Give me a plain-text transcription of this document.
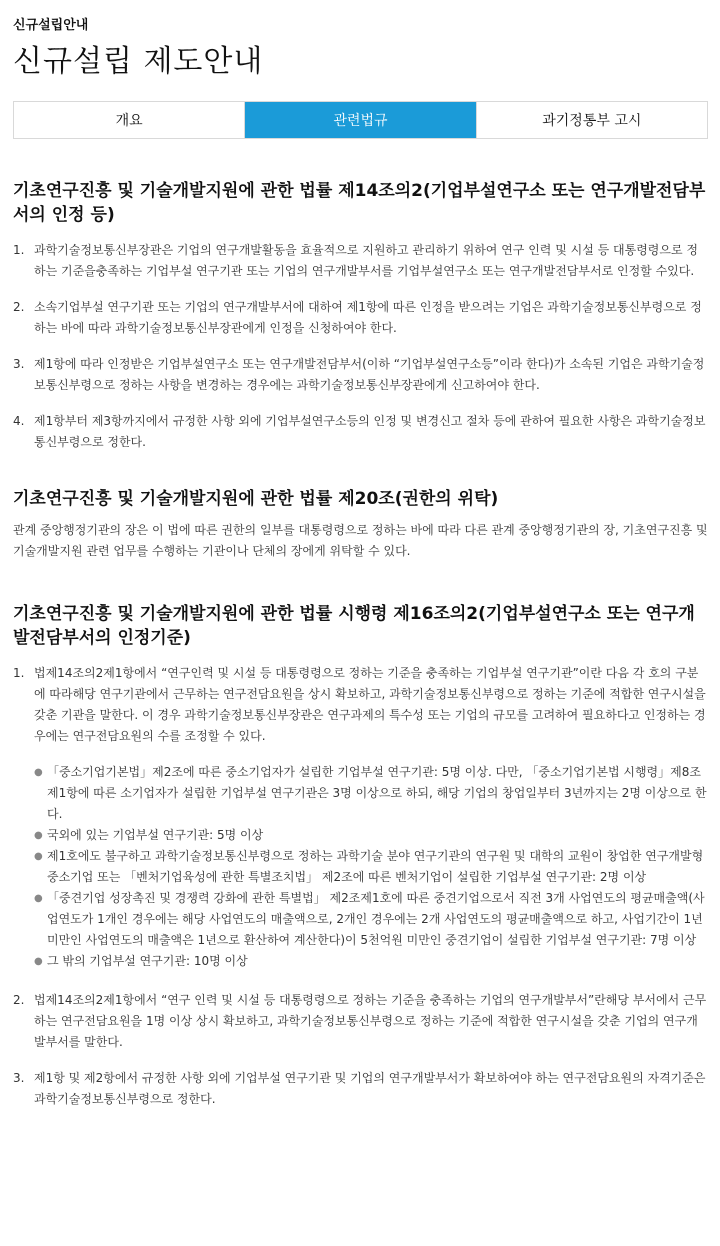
신규설립안내
신규설립 제도안내
개요	관련법규	과기정통부 고시
기초연구진흥 및 기술개발지원에 관한 법률 제14조의2(기업부설연구소 또는 연구개발전담부서의 인정 등)
1. 과학기술정보통신부장관은 기업의 연구개발활동을 효율적으로 지원하고 관리하기 위하여 연구 인력 및 시설 등 대통령령으로 정하는 기준을충족하는 기업부설 연구기관 또는 기업의 연구개발부서를 기업부설연구소 또는 연구개발전담부서로 인정할 수있다.
2. 소속기업부설 연구기관 또는 기업의 연구개발부서에 대하여 제1항에 따른 인정을 받으려는 기업은 과학기술정보통신부령으로 정하는 바에 따라 과학기술정보통신부장관에게 인정을 신청하여야 한다.
3. 제1항에 따라 인정받은 기업부설연구소 또는 연구개발전담부서(이하 “기업부설연구소등”이라 한다)가 소속된 기업은 과학기술정보통신부령으로 정하는 사항을 변경하는 경우에는 과학기술정보통신부장관에게 신고하여야 한다.
4. 제1항부터 제3항까지에서 규정한 사항 외에 기업부설연구소등의 인정 및 변경신고 절차 등에 관하여 필요한 사항은 과학기술정보통신부령으로 정한다.
기초연구진흥 및 기술개발지원에 관한 법률 제20조(권한의 위탁)
관계 중앙행정기관의 장은 이 법에 따른 권한의 일부를 대통령령으로 정하는 바에 따라 다른 관계 중앙행정기관의 장, 기초연구진흥 및 기술개발지원 관련 업무를 수행하는 기관이나 단체의 장에게 위탁할 수 있다.
기초연구진흥 및 기술개발지원에 관한 법률 시행령 제16조의2(기업부설연구소 또는 연구개발전담부서의 인정기준)
1. 법제14조의2제1항에서 “연구인력 및 시설 등 대통령령으로 정하는 기준을 충족하는 기업부설 연구기관”이란 다음 각 호의 구분에 따라해당 연구기관에서 근무하는 연구전담요원을 상시 확보하고, 과학기술정보통신부령으로 정하는 기준에 적합한 연구시설을 갖춘 기관을 말한다. 이 경우 과학기술정보통신부장관은 연구과제의 특수성 또는 기업의 규모를 고려하여 필요하다고 인정하는 경우에는 연구전담요원의 수를 조정할 수 있다.
● 「중소기업기본법」제2조에 따른 중소기업자가 설립한 기업부설 연구기관: 5명 이상. 다만, 「중소기업기본법 시행령」제8조제1항에 따른 소기업자가 설립한 기업부설 연구기관은 3명 이상으로 하되, 해당 기업의 창업일부터 3년까지는 2명 이상으로 한다.
● 국외에 있는 기업부설 연구기관: 5명 이상
● 제1호에도 불구하고 과학기술정보통신부령으로 정하는 과학기술 분야 연구기관의 연구원 및 대학의 교원이 창업한 연구개발형 중소기업 또는 「벤처기업육성에 관한 특별조치법」 제2조에 따른 벤처기업이 설립한 기업부설 연구기관: 2명 이상
● 「중견기업 성장촉진 및 경쟁력 강화에 관한 특별법」 제2조제1호에 따른 중견기업으로서 직전 3개 사업연도의 평균매출액(사업연도가 1개인 경우에는 해당 사업연도의 매출액으로, 2개인 경우에는 2개 사업연도의 평균매출액으로 하고, 사업기간이 1년 미만인 사업연도의 매출액은 1년으로 환산하여 계산한다)이 5천억원 미만인 중견기업이 설립한 기업부설 연구기관: 7명 이상
● 그 밖의 기업부설 연구기관: 10명 이상
2. 법제14조의2제1항에서 “연구 인력 및 시설 등 대통령령으로 정하는 기준을 충족하는 기업의 연구개발부서”란해당 부서에서 근무하는 연구전담요원을 1명 이상 상시 확보하고, 과학기술정보통신부령으로 정하는 기준에 적합한 연구시설을 갖춘 기업의 연구개발부서를 말한다.
3. 제1항 및 제2항에서 규정한 사항 외에 기업부설 연구기관 및 기업의 연구개발부서가 확보하여야 하는 연구전담요원의 자격기준은 과학기술정보통신부령으로 정한다.
